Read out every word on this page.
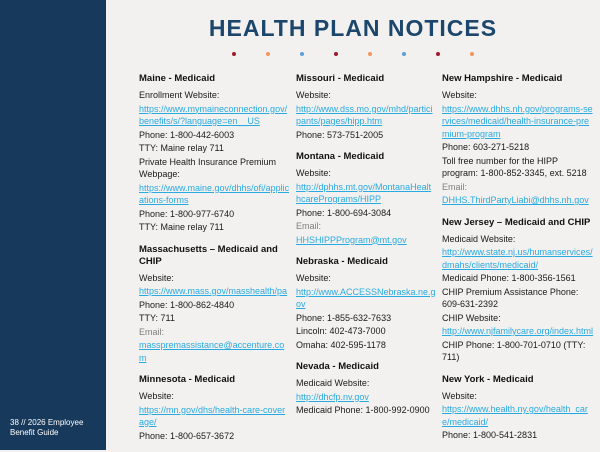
HEALTH PLAN NOTICES
Maine - Medicaid
Enrollment Website:
https://www.mymaineconnection.gov/benefits/s/?language=en__US
Phone: 1-800-442-6003
TTY: Maine relay 711
Private Health Insurance Premium Webpage:
https://www.maine.gov/dhhs/ofi/applications-forms
Phone: 1-800-977-6740
TTY: Maine relay 711
Massachusetts – Medicaid and CHIP
Website:
https://www.mass.gov/masshealth/pa
Phone: 1-800-862-4840
TTY: 711
Email:
masspremassistance@accenture.com
Minnesota - Medicaid
Website:
https://mn.gov/dhs/health-care-coverage/
Phone: 1-800-657-3672
Missouri - Medicaid
Website:
http://www.dss.mo.gov/mhd/participants/pages/hipp.htm
Phone: 573-751-2005
Montana - Medicaid
Website:
http://dphhs.mt.gov/MontanaHealthcarePrograms/HIPP
Phone: 1-800-694-3084
Email:
HHSHIPPProgram@mt.gov
Nebraska - Medicaid
Website:
http://www.ACCESSNebraska.ne.gov
Phone: 1-855-632-7633
Lincoln: 402-473-7000
Omaha: 402-595-1178
Nevada - Medicaid
Medicaid Website:
http://dhcfp.nv.gov
Medicaid Phone: 1-800-992-0900
New Hampshire - Medicaid
Website:
https://www.dhhs.nh.gov/programs-services/medicaid/health-insurance-premium-program
Phone: 603-271-5218
Toll free number for the HIPP program: 1-800-852-3345, ext. 5218
Email:
DHHS.ThirdPartyLiabi@dhhs.nh.gov
New Jersey – Medicaid and CHIP
Medicaid Website:
http://www.state.nj.us/humanservices/dmahs/clients/medicaid/
Medicaid Phone: 1-800-356-1561
CHIP Premium Assistance Phone: 609-631-2392
CHIP Website:
http://www.njfamilycare.org/index.html
CHIP Phone: 1-800-701-0710 (TTY: 711)
New York - Medicaid
Website:
https://www.health.ny.gov/health_care/medicaid/
Phone: 1-800-541-2831
38 // 2026 Employee Benefit Guide
